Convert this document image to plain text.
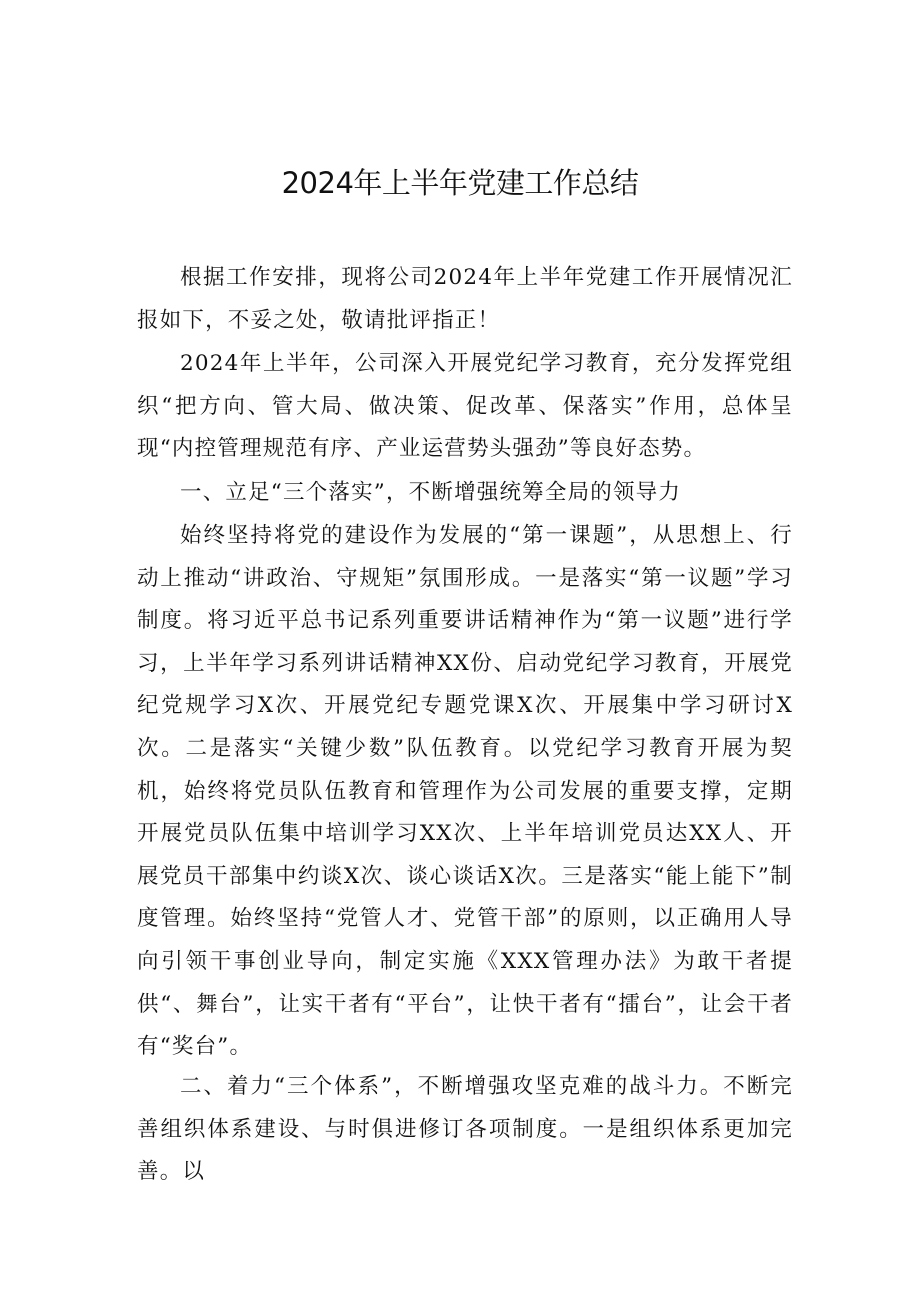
2024年上半年党建工作总结

根据工作安排，现将公司2024年上半年党建工作开展情况汇报如下，不妥之处，敬请批评指正！

2024年上半年，公司深入开展党纪学习教育，充分发挥党组织“把方向、管大局、做决策、促改革、保落实”作用，总体呈现“内控管理规范有序、产业运营势头强劲”等良好态势。

一、立足“三个落实”，不断增强统筹全局的领导力

始终坚持将党的建设作为发展的“第一课题”，从思想上、行动上推动“讲政治、守规矩”氛围形成。一是落实“第一议题”学习制度。将习近平总书记系列重要讲话精神作为“第一议题”进行学习，上半年学习系列讲话精神XX份、启动党纪学习教育，开展党纪党规学习X次、开展党纪专题党课X次、开展集中学习研讨X次。二是落实“关键少数”队伍教育。以党纪学习教育开展为契机，始终将党员队伍教育和管理作为公司发展的重要支撑，定期开展党员队伍集中培训学习XX次、上半年培训党员达XX人、开展党员干部集中约谈X次、谈心谈话X次。三是落实“能上能下”制度管理。始终坚持“党管人才、党管干部”的原则，以正确用人导向引领干事创业导向，制定实施《XXX管理办法》为敢干者提供“、舞台”，让实干者有“平台”，让快干者有“擂台”，让会干者有“奖台”。

二、着力“三个体系”，不断增强攻坚克难的战斗力。不断完善组织体系建设、与时俱进修订各项制度。一是组织体系更加完善。以
